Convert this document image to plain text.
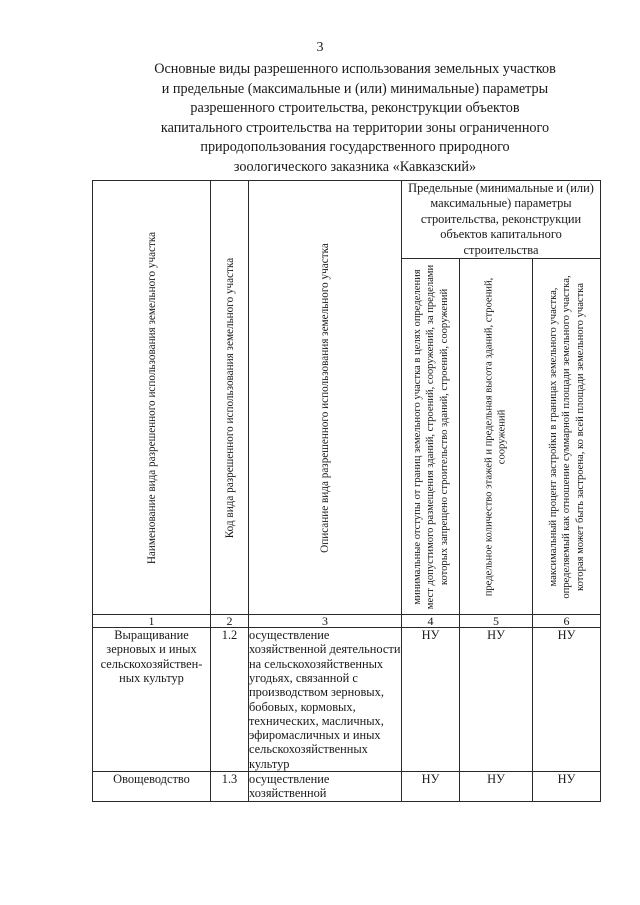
3
Основные виды разрешенного использования земельных участков
и предельные (максимальные и (или) минимальные) параметры
разрешенного строительства, реконструкции объектов
капитального строительства на территории зоны ограниченного
природопользования государственного природного
зоологического заказника «Кавказский»
Наименование вида разрешенного использования земельного участка	Код вида разрешенного использования земельного участка	Описание вида разрешенного использования земельного участка	Предельные (минимальные и (или) максимальные) параметры строительства, реконструкции объектов капитального строительства		

			минимальные отступы от границ земельного участка в целях определения мест допустимого размещения зданий, строений, сооружений, за пределами которых запрещено строительство зданий, строений, сооружений	предельное количество этажей и предельная высота зданий, строений, сооружений	максимальный процент застройки в границах земельного участка, определяемый как отношение суммарной площади земельного участка, которая может быть застроена, ко всей площади земельного участка

1	2	3	4	5	6
Выращивание зерновых и иных сельскохозяйствен-ных культур	1.2	осуществление хозяйственной деятельности на сельскохозяйственных угодьях, связанной с производством зерновых, бобовых, кормовых, технических, масличных, эфиромасличных и иных сельскохозяйственных культур	НУ	НУ	НУ
Овощеводство	1.3	осуществление хозяйственной	НУ	НУ	НУ
